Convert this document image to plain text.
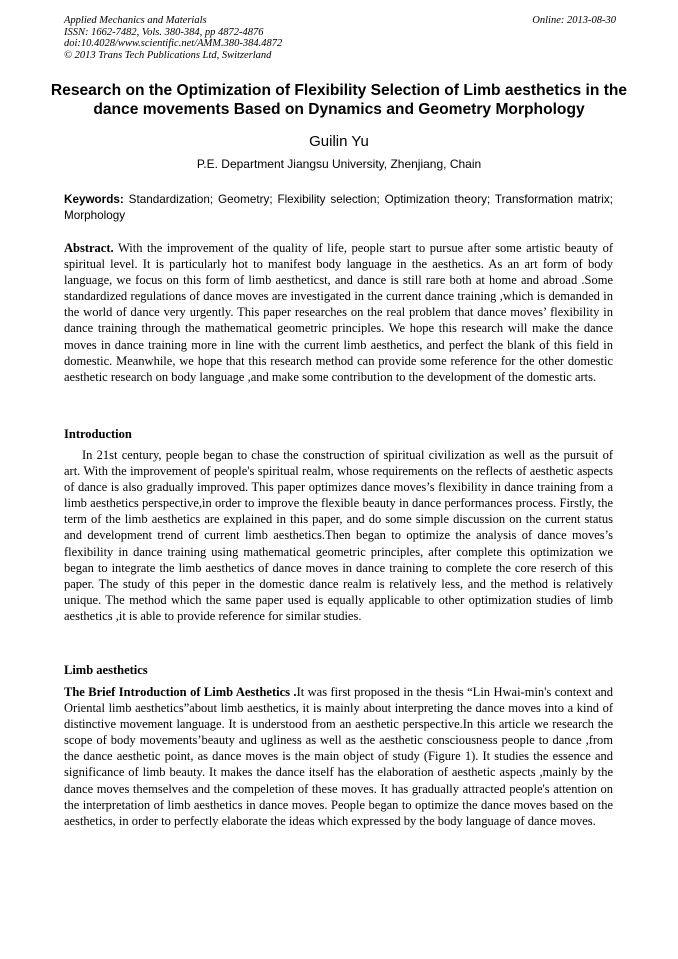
Applied Mechanics and Materials
ISSN: 1662-7482, Vols. 380-384, pp 4872-4876
doi:10.4028/www.scientific.net/AMM.380-384.4872
© 2013 Trans Tech Publications Ltd, Switzerland
Online: 2013-08-30
Research on the Optimization of Flexibility Selection of Limb aesthetics in the dance movements Based on Dynamics and Geometry Morphology
Guilin Yu
P.E. Department Jiangsu University, Zhenjiang, Chain
Keywords: Standardization; Geometry; Flexibility selection; Optimization theory; Transformation matrix; Morphology
Abstract. With the improvement of the quality of life, people start to pursue after some artistic beauty of spiritual level. It is particularly hot to manifest body language in the aesthetics. As an art form of body language, we focus on this form of limb aestheticst, and dance is still rare both at home and abroad .Some standardized regulations of dance moves are investigated in the current dance training ,which is demanded in the world of dance very urgently. This paper researches on the real problem that dance moves’ flexibility in dance training through the mathematical geometric principles. We hope this research will make the dance moves in dance training more in line with the current limb aesthetics, and perfect the blank of this field in domestic. Meanwhile, we hope that this research method can provide some reference for the other domestic aesthetic research on body language ,and make some contribution to the development of the domestic arts.
Introduction
In 21st century, people began to chase the construction of spiritual civilization as well as the pursuit of art. With the improvement of people's spiritual realm, whose requirements on the reflects of aesthetic aspects of dance is also gradually improved. This paper optimizes dance moves’s flexibility in dance training from a limb aesthetics perspective,in order to improve the flexible beauty in dance performances process. Firstly, the term of the limb aesthetics are explained in this paper, and do some simple discussion on the current status and development trend of current limb aesthetics.Then began to optimize the analysis of dance moves’s flexibility in dance training using mathematical geometric principles, after complete this optimization we began to integrate the limb aesthetics of dance moves in dance training to complete the core reserch of this paper. The study of this peper in the domestic dance realm is relatively less, and the method is relatively unique. The method which the same paper used is equally applicable to other optimization studies of limb aesthetics ,it is able to provide reference for similar studies.
Limb aesthetics
The Brief Introduction of Limb Aesthetics .It was first proposed in the thesis “Lin Hwai-min's context and Oriental limb aesthetics”about limb aesthetics, it is mainly about interpreting the dance moves into a kind of distinctive movement language. It is understood from an aesthetic perspective.In this article we research the scope of body movements’beauty and ugliness as well as the aesthetic consciousness people to dance ,from the dance aesthetic point, as dance moves is the main object of study (Figure 1). It studies the essence and significance of limb beauty. It makes the dance itself has the elaboration of aesthetic aspects ,mainly by the dance moves themselves and the compeletion of these moves. It has gradually attracted people's attention on the interpretation of limb aesthetics in dance moves. People began to optimize the dance moves based on the aesthetics, in order to perfectly elaborate the ideas which expressed by the body language of dance moves.
